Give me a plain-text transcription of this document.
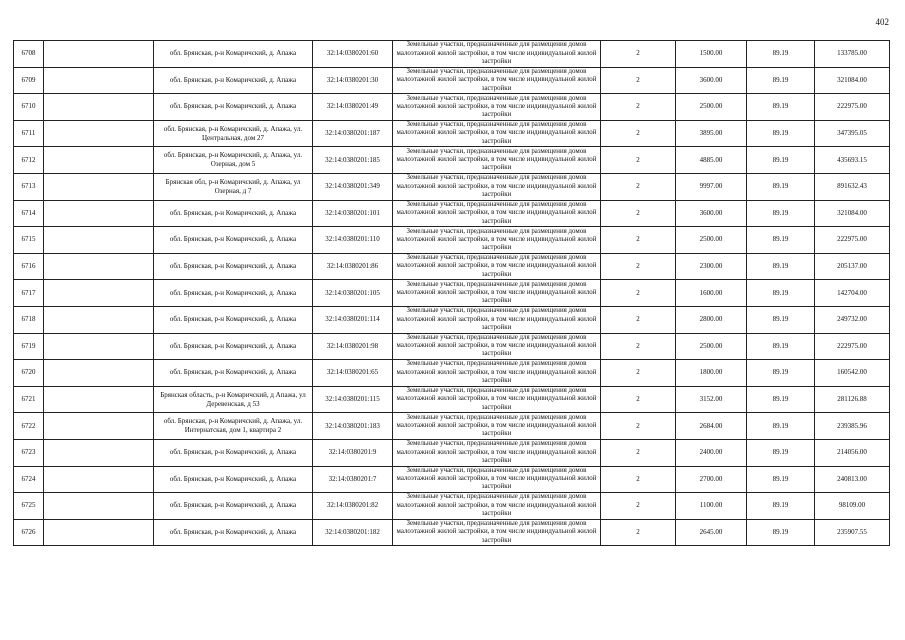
402
6708		обл. Брянская, р-н Комаричский, д. Апажа	32:14:0380201:60	Земельные участки, предназначенные для размещения домов малоэтажной жилой застройки, в том числе индивидуальной жилой застройки	2	1500.00	89.19	133785.00
6709		обл. Брянская, р-н Комаричский, д. Апажа	32:14:0380201:30	Земельные участки, предназначенные для размещения домов малоэтажной жилой застройки, в том числе индивидуальной жилой застройки	2	3600.00	89.19	321084.00
6710		обл. Брянская, р-н Комаричский, д. Апажа	32:14:0380201:49	Земельные участки, предназначенные для размещения домов малоэтажной жилой застройки, в том числе индивидуальной жилой застройки	2	2500.00	89.19	222975.00
6711		обл. Брянская, р-н Комаричский, д. Апажа, ул. Центральная, дом 27	32:14:0380201:187	Земельные участки, предназначенные для размещения домов малоэтажной жилой застройки, в том числе индивидуальной жилой застройки	2	3895.00	89.19	347395.05
6712		обл. Брянская, р-н Комаричский, д. Апажа, ул. Озерная, дом 5	32:14:0380201:185	Земельные участки, предназначенные для размещения домов малоэтажной жилой застройки, в том числе индивидуальной жилой застройки	2	4885.00	89.19	435693.15
6713		Брянская обл, р-н Комаричский, д. Апажа, ул Озерная, д 7	32:14:0380201:349	Земельные участки, предназначенные для размещения домов малоэтажной жилой застройки, в том числе индивидуальной жилой застройки	2	9997.00	89.19	891632.43
6714		обл. Брянская, р-н Комаричский, д. Апажа	32:14:0380201:101	Земельные участки, предназначенные для размещения домов малоэтажной жилой застройки, в том числе индивидуальной жилой застройки	2	3600.00	89.19	321084.00
6715		обл. Брянская, р-н Комаричский, д. Апажа	32:14:0380201:110	Земельные участки, предназначенные для размещения домов малоэтажной жилой застройки, в том числе индивидуальной жилой застройки	2	2500.00	89.19	222975.00
6716		обл. Брянская, р-н Комаричский, д. Апажа	32:14:0380201:86	Земельные участки, предназначенные для размещения домов малоэтажной жилой застройки, в том числе индивидуальной жилой застройки	2	2300.00	89.19	205137.00
6717		обл. Брянская, р-н Комаричский, д. Апажа	32:14:0380201:105	Земельные участки, предназначенные для размещения домов малоэтажной жилой застройки, в том числе индивидуальной жилой застройки	2	1600.00	89.19	142704.00
6718		обл. Брянская, р-н Комаричский, д. Апажа	32:14:0380201:114	Земельные участки, предназначенные для размещения домов малоэтажной жилой застройки, в том числе индивидуальной жилой застройки	2	2800.00	89.19	249732.00
6719		обл. Брянская, р-н Комаричский, д. Апажа	32:14:0380201:98	Земельные участки, предназначенные для размещения домов малоэтажной жилой застройки, в том числе индивидуальной жилой застройки	2	2500.00	89.19	222975.00
6720		обл. Брянская, р-н Комаричский, д. Апажа	32:14:0380201:65	Земельные участки, предназначенные для размещения домов малоэтажной жилой застройки, в том числе индивидуальной жилой застройки	2	1800.00	89.19	160542.00
6721		Брянская область, р-н Комаричский, д Апажа, ул Деревенская, д 53	32:14:0380201:115	Земельные участки, предназначенные для размещения домов малоэтажной жилой застройки, в том числе индивидуальной жилой застройки	2	3152.00	89.19	281126.88
6722		обл. Брянская, р-н Комаричский, д. Апажа, ул. Интернатская, дом 1, квартира 2	32:14:0380201:183	Земельные участки, предназначенные для размещения домов малоэтажной жилой застройки, в том числе индивидуальной жилой застройки	2	2684.00	89.19	239385.96
6723		обл. Брянская, р-н Комаричский, д. Апажа	32:14:0380201:9	Земельные участки, предназначенные для размещения домов малоэтажной жилой застройки, в том числе индивидуальной жилой застройки	2	2400.00	89.19	214056.00
6724		обл. Брянская, р-н Комаричский, д. Апажа	32:14:0380201:7	Земельные участки, предназначенные для размещения домов малоэтажной жилой застройки, в том числе индивидуальной жилой застройки	2	2700.00	89.19	240813.00
6725		обл. Брянская, р-н Комаричский, д. Апажа	32:14:0380201:82	Земельные участки, предназначенные для размещения домов малоэтажной жилой застройки, в том числе индивидуальной жилой застройки	2	1100.00	89.19	98109.00
6726		обл. Брянская, р-н Комаричский, д. Апажа	32:14:0380201:182	Земельные участки, предназначенные для размещения домов малоэтажной жилой застройки, в том числе индивидуальной жилой застройки	2	2645.00	89.19	235907.55
